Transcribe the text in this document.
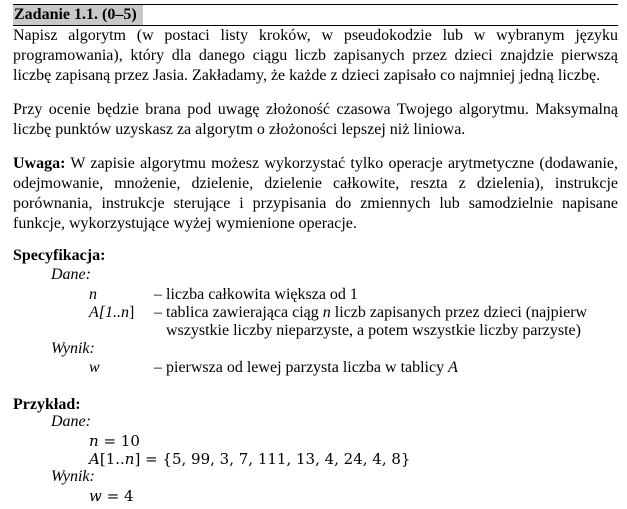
Zadanie 1.1. (0–5)

Napisz algorytm (w postaci listy kroków, w pseudokodzie lub w wybranym języku programowania), który dla danego ciągu liczb zapisanych przez dzieci znajdzie pierwszą liczbę zapisaną przez Jasia. Zakładamy, że każde z dzieci zapisało co najmniej jedną liczbę.

Przy ocenie będzie brana pod uwagę złożoność czasowa Twojego algorytmu. Maksymalną liczbę punktów uzyskasz za algorytm o złożoności lepszej niż liniowa.

Uwaga: W zapisie algorytmu możesz wykorzystać tylko operacje arytmetyczne (dodawanie, odejmowanie, mnożenie, dzielenie, dzielenie całkowite, reszta z dzielenia), instrukcje porównania, instrukcje sterujące i przypisania do zmiennych lub samodzielnie napisane funkcje, wykorzystujące wyżej wymienione operacje.

Specyfikacja:
Dane:
n	– liczba całkowita większa od 1
A[1..n] – tablica zawierająca ciąg n liczb zapisanych przez dzieci (najpierw
wszystkie liczby nieparzyste, a potem wszystkie liczby parzyste)
Wynik:
w	– pierwsza od lewej parzysta liczba w tablicy A
Przykład:
Dane:
n = 10
A[1..n] = {5, 99, 3, 7, 111, 13, 4, 24, 4, 8}
Wynik:
w = 4
